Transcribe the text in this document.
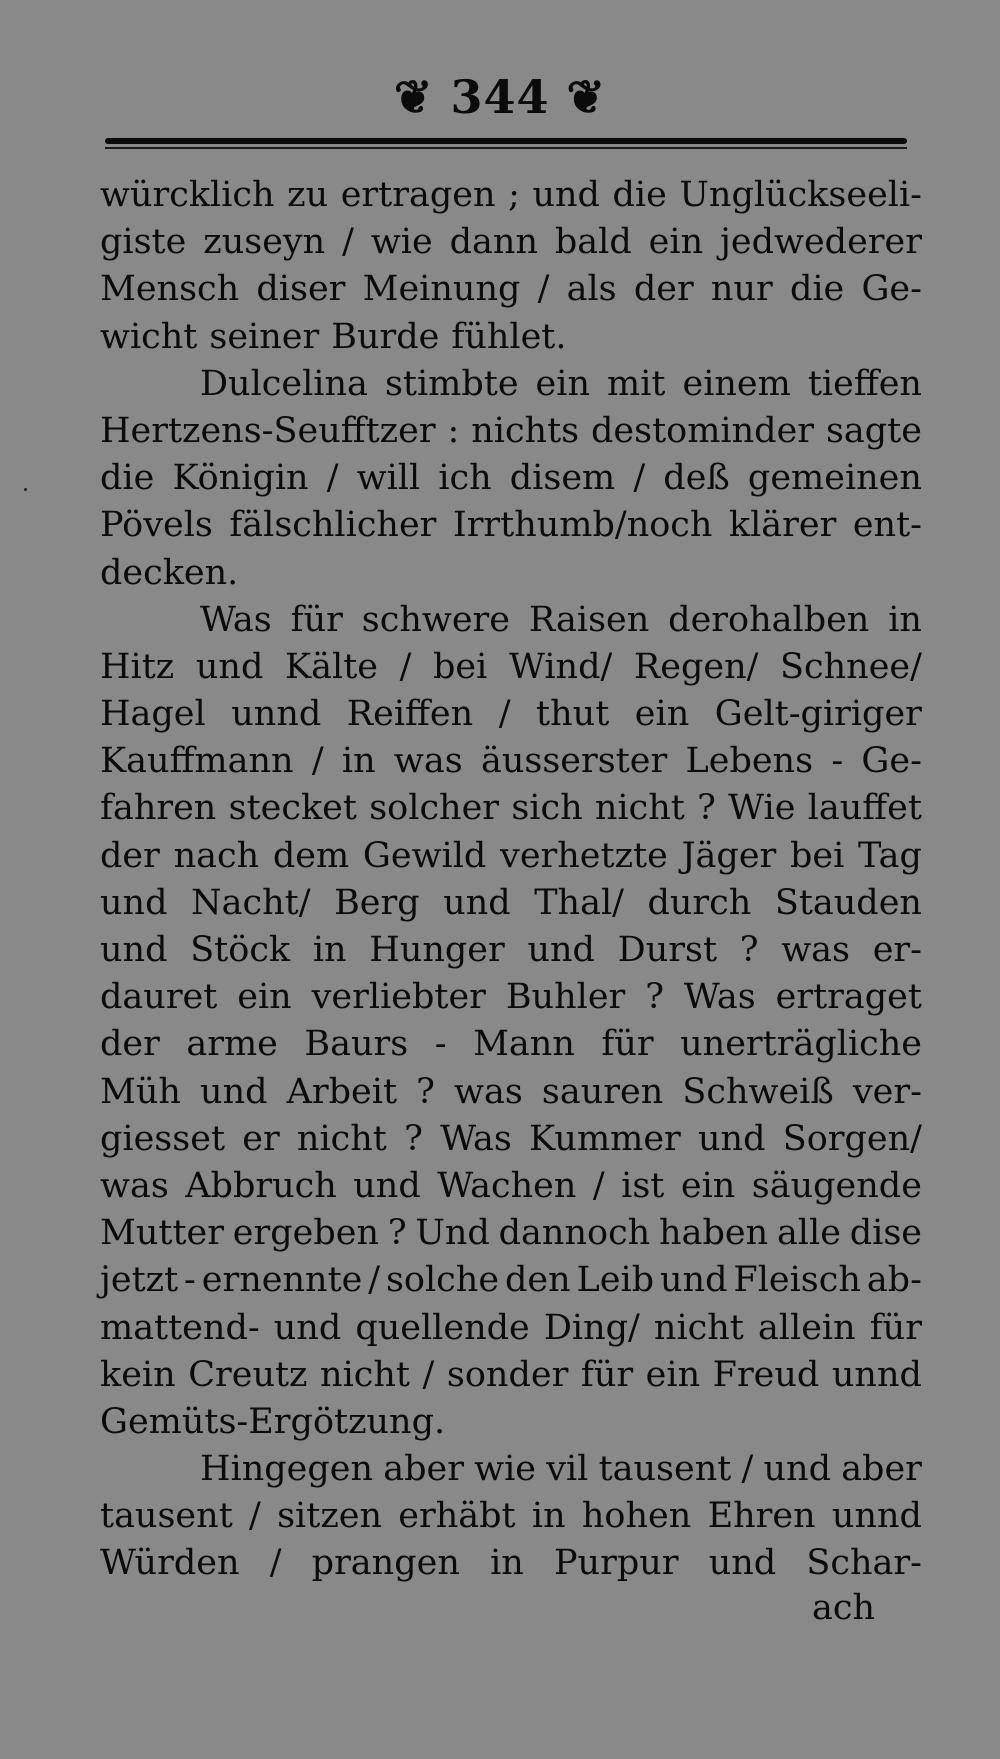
❦ 344 ❦
würcklich zu ertragen ; und die Unglückseeli-
giste zuseyn / wie dann bald ein jedwederer
Mensch diser Meinung / als der nur die Ge-
wicht seiner Burde fühlet.
Dulcelina stimbte ein mit einem tieffen
Hertzens-Seufftzer : nichts destominder sagte
die Königin / will ich disem / deß gemeinen
Pövels fälschlicher Irrthumb/noch klärer ent-
decken.
Was für schwere Raisen derohalben in
Hitz und Kälte / bei Wind/ Regen/ Schnee/
Hagel unnd Reiffen / thut ein Gelt-giriger
Kauffmann / in was äusserster Lebens - Ge-
fahren stecket solcher sich nicht ? Wie lauffet
der nach dem Gewild verhetzte Jäger bei Tag
und Nacht/ Berg und Thal/ durch Stauden
und Stöck in Hunger und Durst ? was er-
dauret ein verliebter Buhler ? Was ertraget
der arme Baurs - Mann für unerträgliche
Müh und Arbeit ? was sauren Schweiß ver-
giesset er nicht ? Was Kummer und Sorgen/
was Abbruch und Wachen / ist ein säugende
Mutter ergeben ? Und dannoch haben alle dise
jetzt - ernennte / solche den Leib und Fleisch ab-
mattend- und quellende Ding/ nicht allein für
kein Creutz nicht / sonder für ein Freud unnd
Gemüts-Ergötzung.
Hingegen aber wie vil tausent / und aber
tausent / sitzen erhäbt in hohen Ehren unnd
Würden / prangen in Purpur und Schar-
ach
